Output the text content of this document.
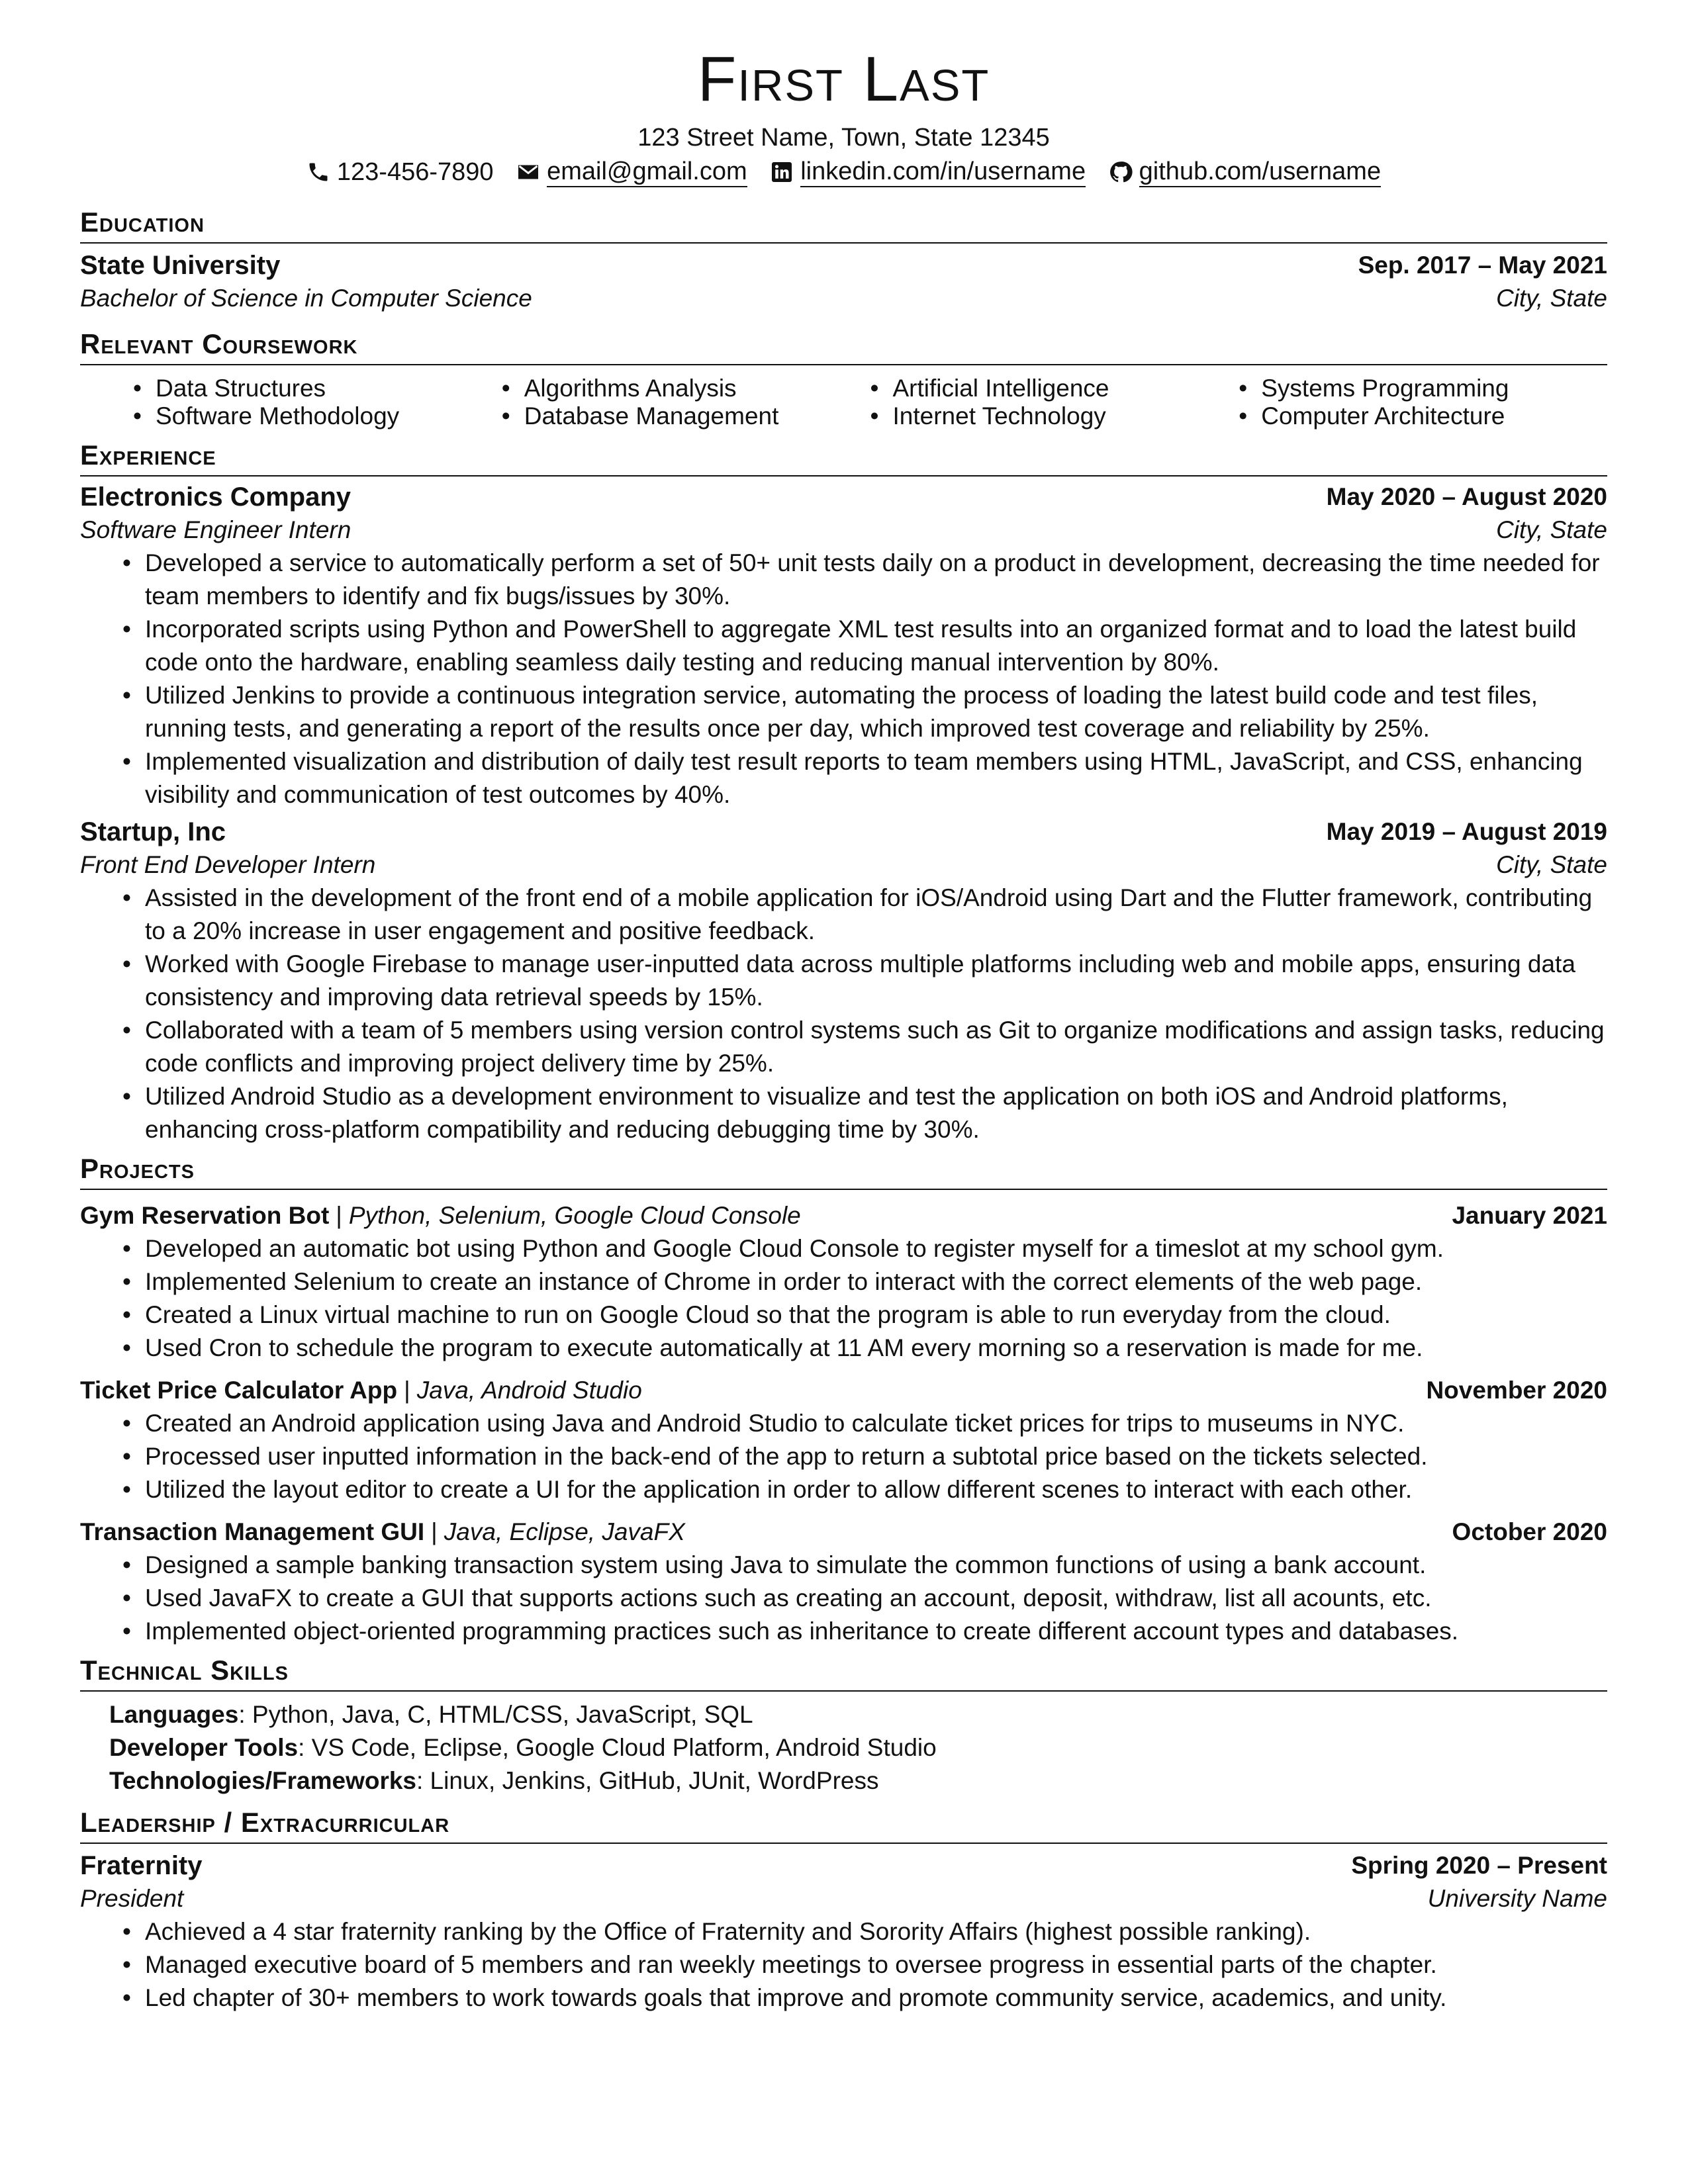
First Last
123 Street Name, Town, State 12345
123-456-7890
email@gmail.com
linkedin.com/in/username
github.com/username
Education
State University	Sep. 2017 – May 2021
Bachelor of Science in Computer Science	City, State
Relevant Coursework
• Data Structures	• Algorithms Analysis	• Artificial Intelligence	• Systems Programming
• Software Methodology	• Database Management	• Internet Technology	• Computer Architecture
Experience
Electronics Company	May 2020 – August 2020
Software Engineer Intern	City, State
• Developed a service to automatically perform a set of 50+ unit tests daily on a product in development, decreasing the time needed for team members to identify and fix bugs/issues by 30%.
• Incorporated scripts using Python and PowerShell to aggregate XML test results into an organized format and to load the latest build code onto the hardware, enabling seamless daily testing and reducing manual intervention by 80%.
• Utilized Jenkins to provide a continuous integration service, automating the process of loading the latest build code and test files, running tests, and generating a report of the results once per day, which improved test coverage and reliability by 25%.
• Implemented visualization and distribution of daily test result reports to team members using HTML, JavaScript, and CSS, enhancing visibility and communication of test outcomes by 40%.
Startup, Inc	May 2019 – August 2019
Front End Developer Intern	City, State
• Assisted in the development of the front end of a mobile application for iOS/Android using Dart and the Flutter framework, contributing to a 20% increase in user engagement and positive feedback.
• Worked with Google Firebase to manage user-inputted data across multiple platforms including web and mobile apps, ensuring data consistency and improving data retrieval speeds by 15%.
• Collaborated with a team of 5 members using version control systems such as Git to organize modifications and assign tasks, reducing code conflicts and improving project delivery time by 25%.
• Utilized Android Studio as a development environment to visualize and test the application on both iOS and Android platforms, enhancing cross-platform compatibility and reducing debugging time by 30%.
Projects
Gym Reservation Bot | Python, Selenium, Google Cloud Console	January 2021
• Developed an automatic bot using Python and Google Cloud Console to register myself for a timeslot at my school gym.
• Implemented Selenium to create an instance of Chrome in order to interact with the correct elements of the web page.
• Created a Linux virtual machine to run on Google Cloud so that the program is able to run everyday from the cloud.
• Used Cron to schedule the program to execute automatically at 11 AM every morning so a reservation is made for me.
Ticket Price Calculator App | Java, Android Studio	November 2020
• Created an Android application using Java and Android Studio to calculate ticket prices for trips to museums in NYC.
• Processed user inputted information in the back-end of the app to return a subtotal price based on the tickets selected.
• Utilized the layout editor to create a UI for the application in order to allow different scenes to interact with each other.
Transaction Management GUI | Java, Eclipse, JavaFX	October 2020
• Designed a sample banking transaction system using Java to simulate the common functions of using a bank account.
• Used JavaFX to create a GUI that supports actions such as creating an account, deposit, withdraw, list all acounts, etc.
• Implemented object-oriented programming practices such as inheritance to create different account types and databases.
Technical Skills
Languages: Python, Java, C, HTML/CSS, JavaScript, SQL
Developer Tools: VS Code, Eclipse, Google Cloud Platform, Android Studio
Technologies/Frameworks: Linux, Jenkins, GitHub, JUnit, WordPress
Leadership / Extracurricular
Fraternity	Spring 2020 – Present
President	University Name
• Achieved a 4 star fraternity ranking by the Office of Fraternity and Sorority Affairs (highest possible ranking).
• Managed executive board of 5 members and ran weekly meetings to oversee progress in essential parts of the chapter.
• Led chapter of 30+ members to work towards goals that improve and promote community service, academics, and unity.
